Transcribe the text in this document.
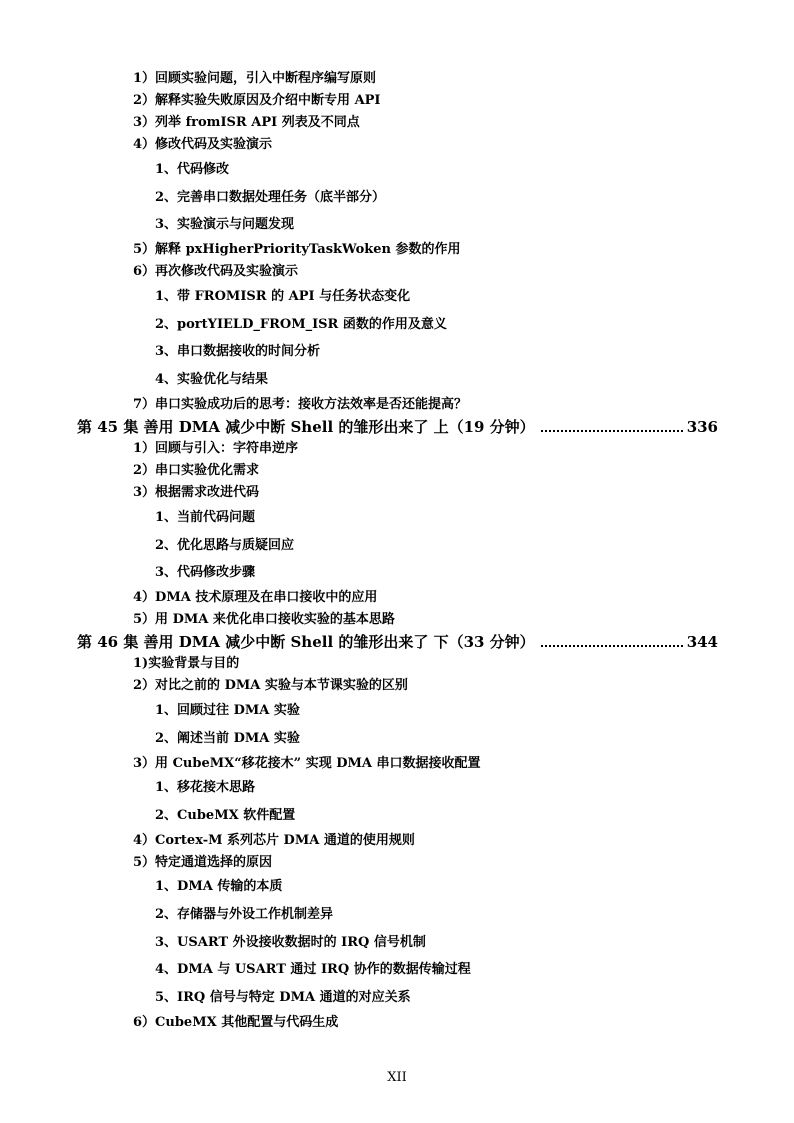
1）回顾实验问题，引入中断程序编写原则
2）解释实验失败原因及介绍中断专用 API
3）列举 fromISR API 列表及不同点
4）修改代码及实验演示
1、代码修改
2、完善串口数据处理任务（底半部分）
3、实验演示与问题发现
5）解释 pxHigherPriorityTaskWoken 参数的作用
6）再次修改代码及实验演示
1、带 FROMISR 的 API 与任务状态变化
2、portYIELD_FROM_ISR 函数的作用及意义
3、串口数据接收的时间分析
4、实验优化与结果
7）串口实验成功后的思考：接收方法效率是否还能提高？
第 45 集 善用 DMA 减少中断 Shell 的雏形出来了 上（19 分钟）	336
1）回顾与引入：字符串逆序
2）串口实验优化需求
3）根据需求改进代码
1、当前代码问题
2、优化思路与质疑回应
3、代码修改步骤
4）DMA 技术原理及在串口接收中的应用
5）用 DMA 来优化串口接收实验的基本思路
第 46 集 善用 DMA 减少中断 Shell 的雏形出来了 下（33 分钟）	344
1)实验背景与目的
2）对比之前的 DMA 实验与本节课实验的区别
1、回顾过往 DMA 实验
2、阐述当前 DMA 实验
3）用 CubeMX“移花接木” 实现 DMA 串口数据接收配置
1、移花接木思路
2、CubeMX 软件配置
4）Cortex-M 系列芯片 DMA 通道的使用规则
5）特定通道选择的原因
1、DMA 传输的本质
2、存储器与外设工作机制差异
3、USART 外设接收数据时的 IRQ 信号机制
4、DMA 与 USART 通过 IRQ 协作的数据传输过程
5、IRQ 信号与特定 DMA 通道的对应关系
6）CubeMX 其他配置与代码生成
XII
